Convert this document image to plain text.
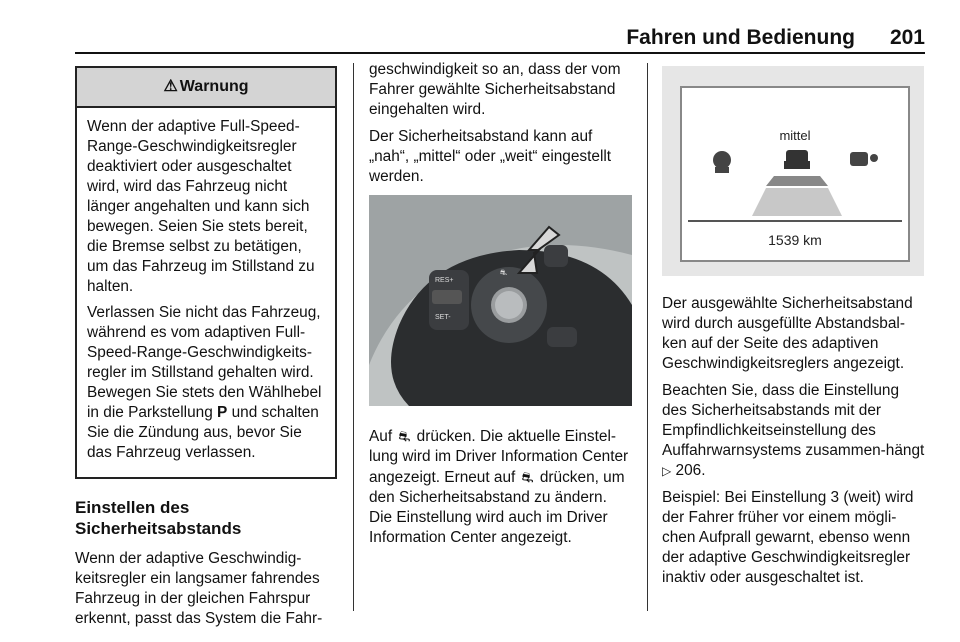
Fahren und Bedienung 201
⚠ Warnung

Wenn der adaptive Full-Speed-Range-Geschwindigkeitsregler deaktiviert oder ausgeschaltet wird, wird das Fahrzeug nicht länger angehalten und kann sich bewegen. Seien Sie stets bereit, die Bremse selbst zu betätigen, um das Fahrzeug im Stillstand zu halten.

Verlassen Sie nicht das Fahrzeug, während es vom adaptiven Full-Speed-Range-Geschwindigkeits-regler im Stillstand gehalten wird. Bewegen Sie stets den Wählhebel in die Parkstellung P und schalten Sie die Zündung aus, bevor Sie das Fahrzeug verlassen.

Einstellen des
Sicherheitsabstands

Wenn der adaptive Geschwindig-keitsregler ein langsamer fahrendes Fahrzeug in der gleichen Fahrspur erkennt, passt das System die Fahr-

geschwindigkeit so an, dass der vom Fahrer gewählte Sicherheitsabstand eingehalten wird.

Der Sicherheitsabstand kann auf „nah“, „mittel“ oder „weit“ eingestellt werden.

RES+
SET-
⛐

Auf ⛐ drücken. Die aktuelle Einstel-lung wird im Driver Information Center angezeigt. Erneut auf ⛐ drücken, um den Sicherheitsabstand zu ändern. Die Einstellung wird auch im Driver Information Center angezeigt.

mittel
1539 km

Der ausgewählte Sicherheitsabstand wird durch ausgefüllte Abstandsbal-ken auf der Seite des adaptiven Geschwindigkeitsreglers angezeigt.

Beachten Sie, dass die Einstellung des Sicherheitsabstands mit der Empfindlichkeitseinstellung des Auffahrwarnsystems zusammen-hängt ▷ 206.

Beispiel: Bei Einstellung 3 (weit) wird der Fahrer früher vor einem mögli-chen Aufprall gewarnt, ebenso wenn der adaptive Geschwindigkeitsregler inaktiv oder ausgeschaltet ist.
